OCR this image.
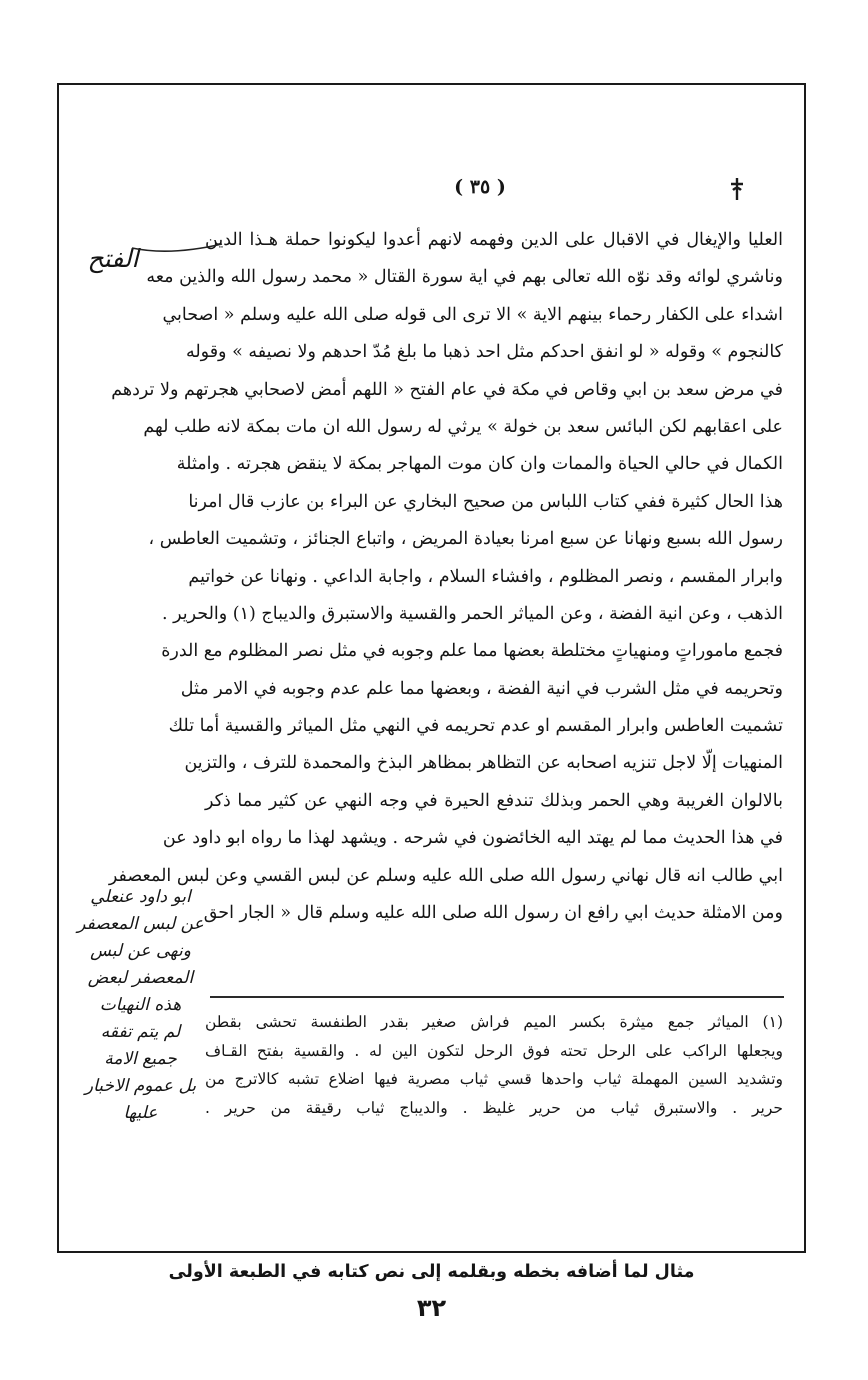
( ٣٥ )
العليا والإيغال في الاقبال على الدين وفهمه لانهم أعدوا ليكونوا حملة هـذا الدين
وناشري لوائه وقد نوّه الله تعالى بهم في اية سورة القتال « محمد رسول الله والذين معه
اشداء على الكفار رحماء بينهم الاية » الا ترى الى قوله صلى الله عليه وسلم « اصحابي
كالنجوم » وقوله « لو انفق احدكم مثل احد ذهبا ما بلغ مُدّ احدهم ولا نصيفه » وقوله
في مرض سعد بن ابي وقاص في مكة في عام الفتح « اللهم أمض لاصحابي هجرتهم ولا تردهم
على اعقابهم لكن البائس سعد بن خولة » يرثي له رسول الله ان مات بمكة لانه طلب لهم
الكمال في حالي الحياة والممات وان كان موت المهاجر بمكة لا ينقض هجرته . وامثلة
هذا الحال كثيرة ففي كتاب اللباس من صحيح البخاري عن البراء بن عازب قال امرنا
رسول الله بسبع ونهانا عن سبع امرنا بعيادة المريض ، واتباع الجنائز ، وتشميت العاطس ،
وابرار المقسم ، ونصر المظلوم ، وافشاء السلام ، واجابة الداعي . ونهانا عن خواتيم
الذهب ، وعن انية الفضة ، وعن المياثر الحمر والقسية والاستبرق والديباج (١) والحرير .
فجمع ماموراتٍ ومنهياتٍ مختلطة بعضها مما علم وجوبه في مثل نصر المظلوم مع الدرة
وتحريمه في مثل الشرب في انية الفضة ، وبعضها مما علم عدم وجوبه في الامر مثل
تشميت العاطس وابرار المقسم او عدم تحريمه في النهي مثل المياثر والقسية أما تلك
المنهيات إلّا لاجل تنزيه اصحابه عن التظاهر بمظاهر البذخ والمحمدة للترف ، والتزين
بالالوان الغريبة وهي الحمر وبذلك تندفع الحيرة في وجه النهي عن كثير مما ذكر
في هذا الحديث مما لم يهتد اليه الخائضون في شرحه . ويشهد لهذا ما رواه ابو داود عن
ابي طالب انه قال نهاني رسول الله صلى الله عليه وسلم عن لبس القسي وعن لبس المعصفر
ومن الامثلة حديث ابي رافع ان رسول الله صلى الله عليه وسلم قال « الجار احق
الفتح
ابو داود عنعلي
عن لبس المعصفر
ونهى عن لبس
المعصفر لبعض
هذه النهيات
لم يتم تفقه
جميع الامة
بل عموم الاخبار
عليها
(١) المياثر جمع ميثرة بكسر الميم فراش صغير بقدر الطنفسة تحشى بقطن
ويجعلها الراكب على الرحل تحته فوق الرحل لتكون الين له . والقسية بفتح القـاف
وتشديد السين المهملة ثياب واحدها قسي ثياب مصرية فيها اضلاع تشبه كالاترج من
حرير . والاستبرق ثياب من حرير غليظ . والديباج ثياب رقيقة من حرير .
مثال لما أضافه بخطه وبقلمه إلى نص كتابه في الطبعة الأولى
٣٢
